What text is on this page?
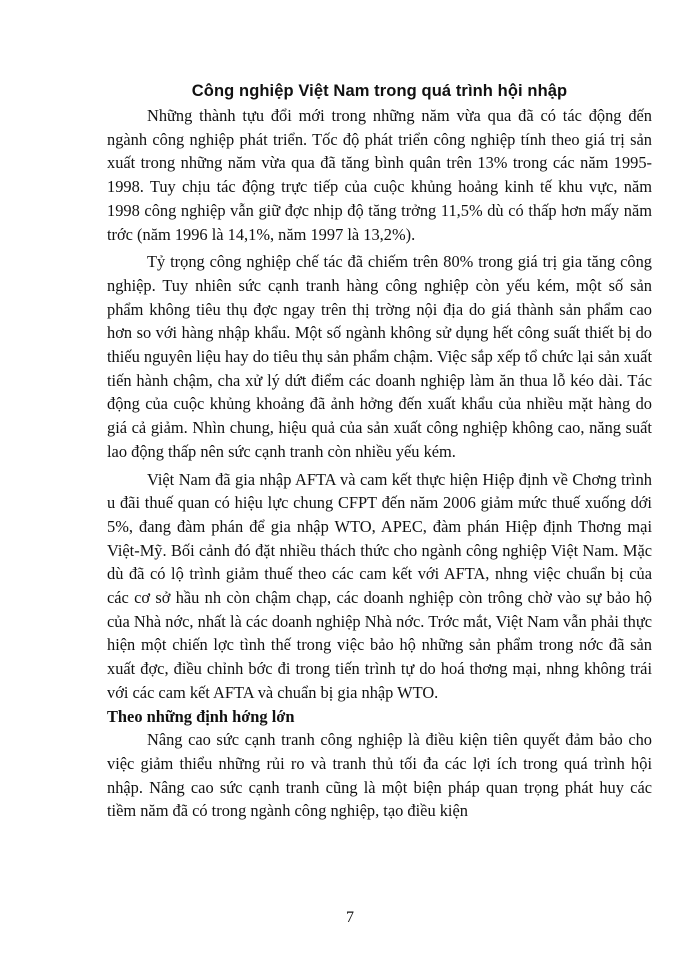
Công nghiệp Việt Nam trong quá trình hội nhập

Những thành tựu đổi mới trong những năm vừa qua đã có tác động đến ngành công nghiệp phát triển. Tốc độ phát triển công nghiệp tính theo giá trị sản xuất trong những năm vừa qua đã tăng bình quân trên 13% trong các năm 1995-1998. Tuy chịu tác động trực tiếp của cuộc khủng hoảng kinh tế khu vực, năm 1998 công nghiệp vẫn giữ đợc nhịp độ tăng trởng 11,5% dù có thấp hơn mấy năm trớc (năm 1996 là 14,1%, năm 1997 là 13,2%).

Tỷ trọng công nghiệp chế tác đã chiếm trên 80% trong giá trị gia tăng công nghiệp. Tuy nhiên sức cạnh tranh hàng công nghiệp còn yếu kém, một số sản phẩm không tiêu thụ đợc ngay trên thị trờng nội địa do giá thành sản phẩm cao hơn so với hàng nhập khẩu. Một số ngành không sử dụng hết công suất thiết bị do thiếu nguyên liệu hay do tiêu thụ sản phẩm chậm. Việc sắp xếp tổ chức lại sản xuất tiến hành chậm, cha xử lý dứt điểm các doanh nghiệp làm ăn thua lỗ kéo dài. Tác động của cuộc khủng khoảng đã ảnh hởng đến xuất khẩu của nhiều mặt hàng do giá cả giảm. Nhìn chung, hiệu quả của sản xuất công nghiệp không cao, năng suất lao động thấp nên sức cạnh tranh còn nhiều yếu kém.

Việt Nam đã gia nhập AFTA và cam kết thực hiện Hiệp định về Chơng trình u đãi thuế quan có hiệu lực chung CFPT đến năm 2006 giảm mức thuế xuống dới 5%, đang đàm phán để gia nhập WTO, APEC, đàm phán Hiệp định Thơng mại Việt-Mỹ. Bối cảnh đó đặt nhiều thách thức cho ngành công nghiệp Việt Nam. Mặc dù đã có lộ trình giảm thuế theo các cam kết với AFTA, nhng việc chuẩn bị của các cơ sở hầu nh còn chậm chạp, các doanh nghiệp còn trông chờ vào sự bảo hộ của Nhà nớc, nhất là các doanh nghiệp Nhà nớc. Trớc mắt, Việt Nam vẫn phải thực hiện một chiến lợc tình thế trong việc bảo hộ những sản phẩm trong nớc đã sản xuất đợc, điều chỉnh bớc đi trong tiến trình tự do hoá thơng mại, nhng không trái với các cam kết AFTA và chuẩn bị gia nhập WTO.

Theo những định hớng lớn

Nâng cao sức cạnh tranh công nghiệp là điều kiện tiên quyết đảm bảo cho việc giảm thiểu những rủi ro và tranh thủ tối đa các lợi ích trong quá trình hội nhập. Nâng cao sức cạnh tranh cũng là một biện pháp quan trọng phát huy các tiềm năm đã có trong ngành công nghiệp, tạo điều kiện

7
